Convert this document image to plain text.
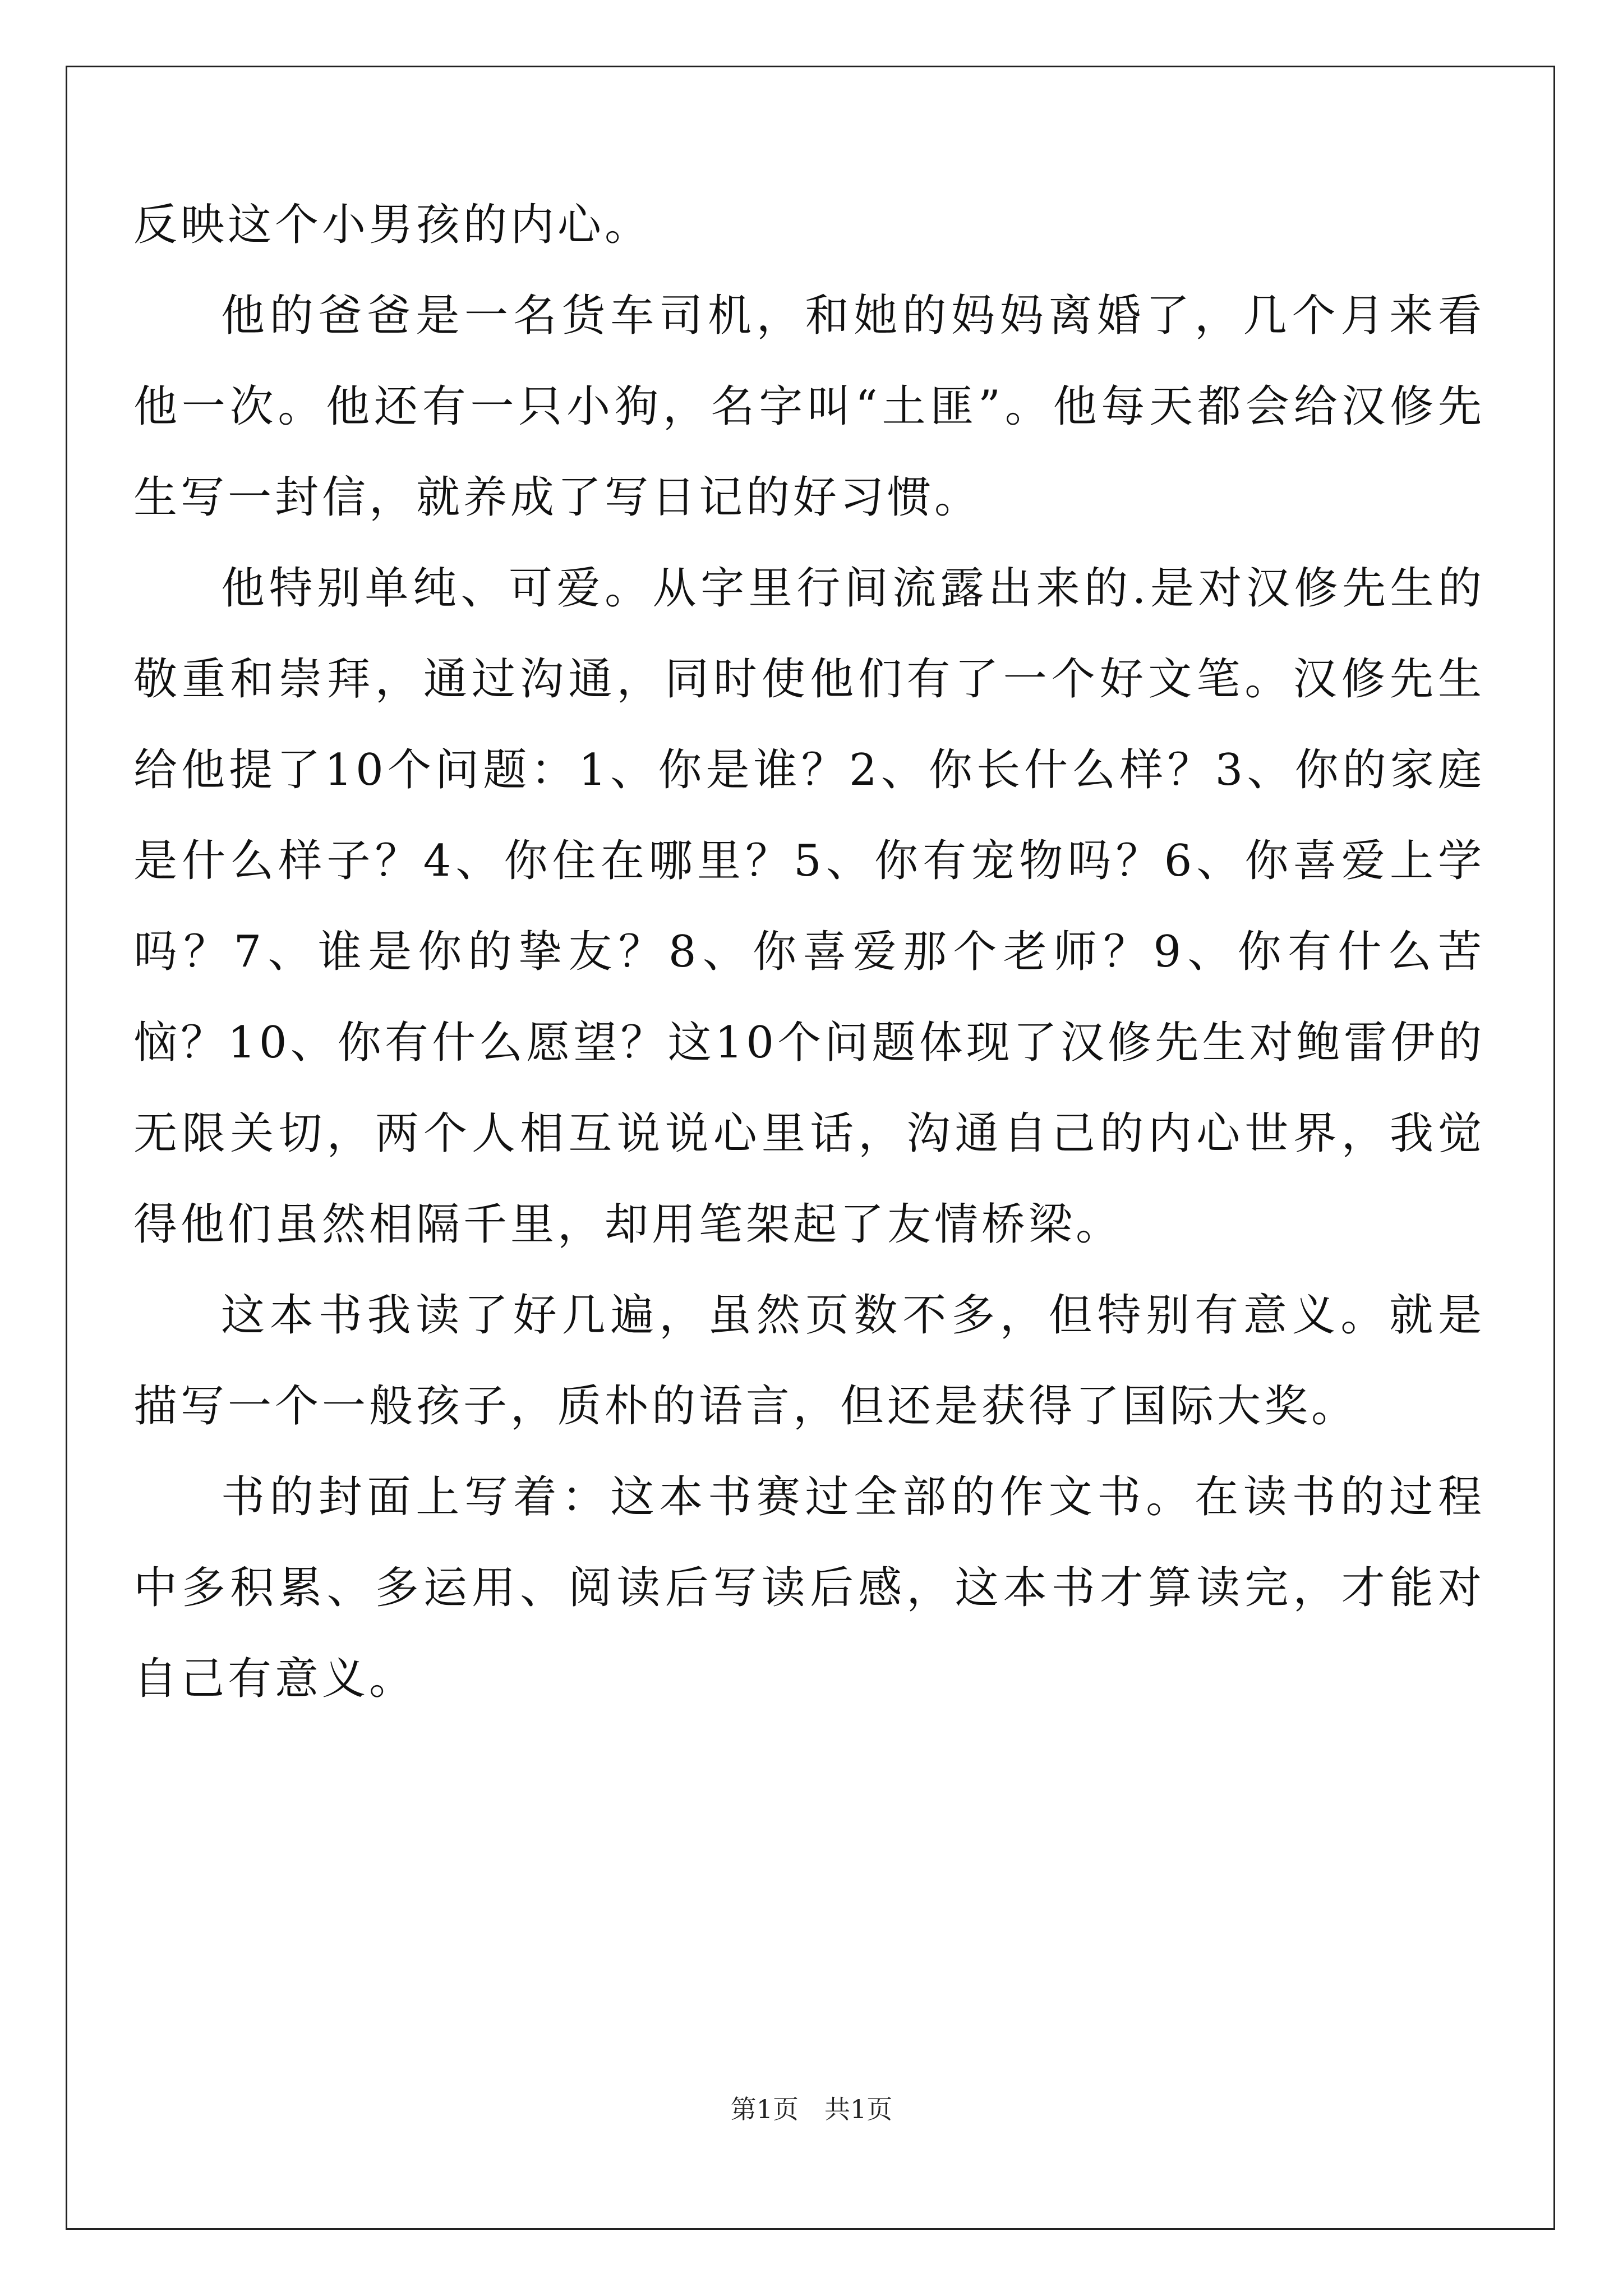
反映这个小男孩的内心。

他的爸爸是一名货车司机，和她的妈妈离婚了，几个月来看他一次。他还有一只小狗，名字叫“土匪”。他每天都会给汉修先生写一封信，就养成了写日记的好习惯。

他特别单纯、可爱。从字里行间流露出来的.是对汉修先生的敬重和崇拜，通过沟通，同时使他们有了一个好文笔。汉修先生给他提了10个问题：1、你是谁？2、你长什么样？3、你的家庭是什么样子？4、你住在哪里？5、你有宠物吗？6、你喜爱上学吗？7、谁是你的挚友？8、你喜爱那个老师？9、你有什么苦恼？10、你有什么愿望？这10个问题体现了汉修先生对鲍雷伊的无限关切，两个人相互说说心里话，沟通自己的内心世界，我觉得他们虽然相隔千里，却用笔架起了友情桥梁。

这本书我读了好几遍，虽然页数不多，但特别有意义。就是描写一个一般孩子，质朴的语言，但还是获得了国际大奖。

书的封面上写着：这本书赛过全部的作文书。在读书的过程中多积累、多运用、阅读后写读后感，这本书才算读完，才能对自己有意义。

第1页　共1页
